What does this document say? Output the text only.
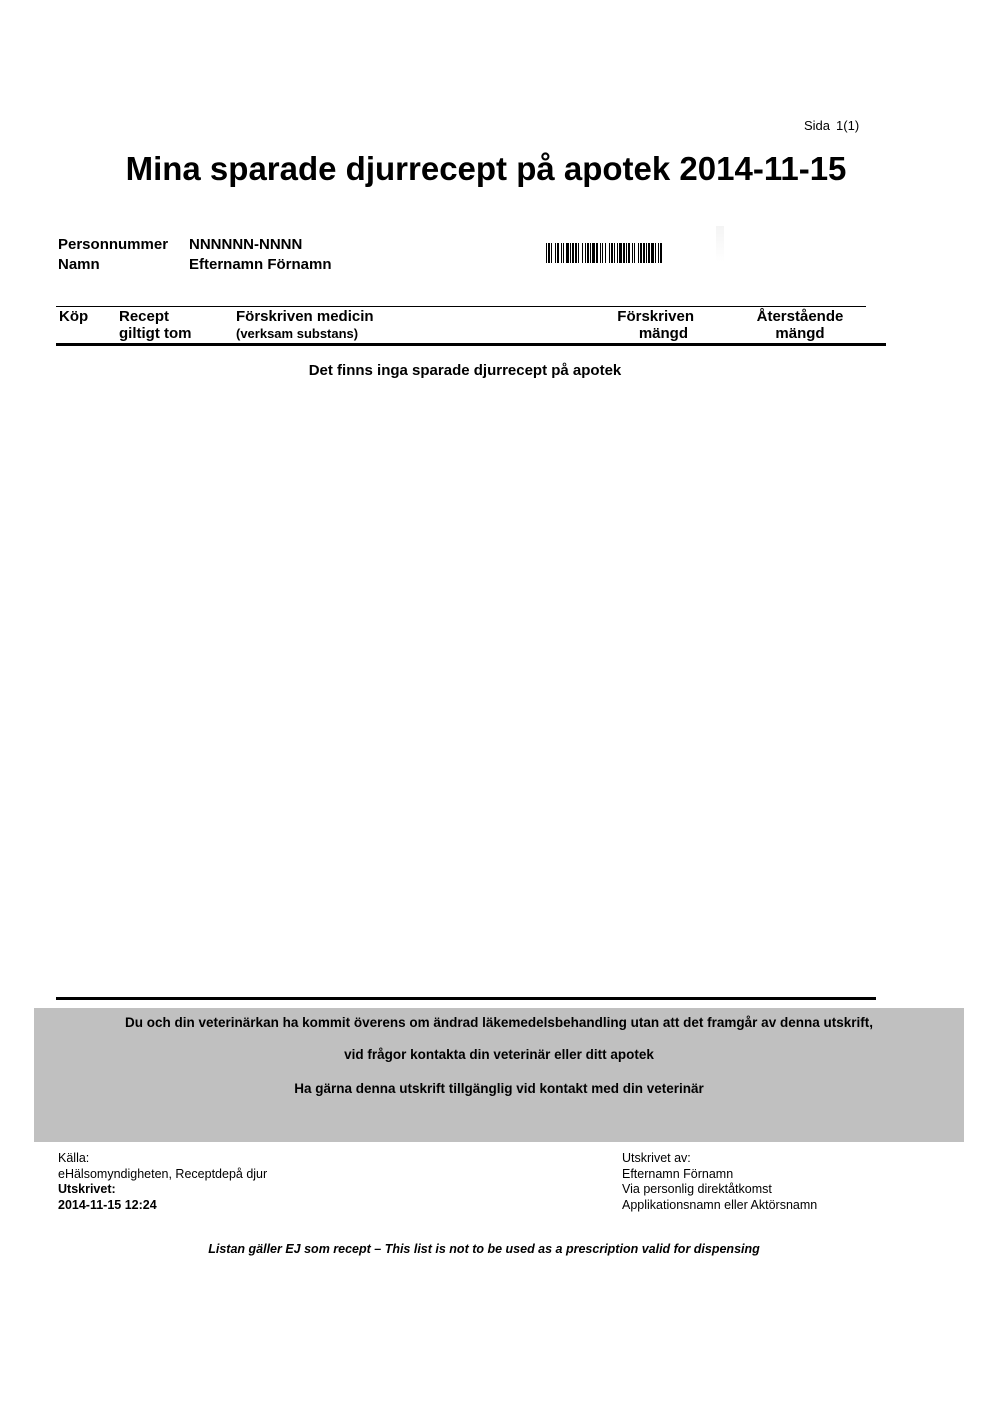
Sida 1(1)
Mina sparade djurrecept på apotek 2014-11-15
Personnummer NNNNNN-NNNN
Namn	Efternamn Förnamn
Köp Recept
giltigt tom
Förskriven medicin
(verksam substans)
Förskriven
mängd
Återstående
mängd
Det finns inga sparade djurrecept på apotek
Du och din veterinärkan ha kommit överens om ändrad läkemedelsbehandling utan att det framgår av denna utskrift,
vid frågor kontakta din veterinär eller ditt apotek
Ha gärna denna utskrift tillgänglig vid kontakt med din veterinär
Källa:
eHälsomyndigheten, Receptdepå djur
Utskrivet:
2014-11-15 12:24
Utskrivet av:
Efternamn Förnamn
Via personlig direktåtkomst
Applikationsnamn eller Aktörsnamn
Listan gäller EJ som recept – This list is not to be used as a prescription valid for dispensing
